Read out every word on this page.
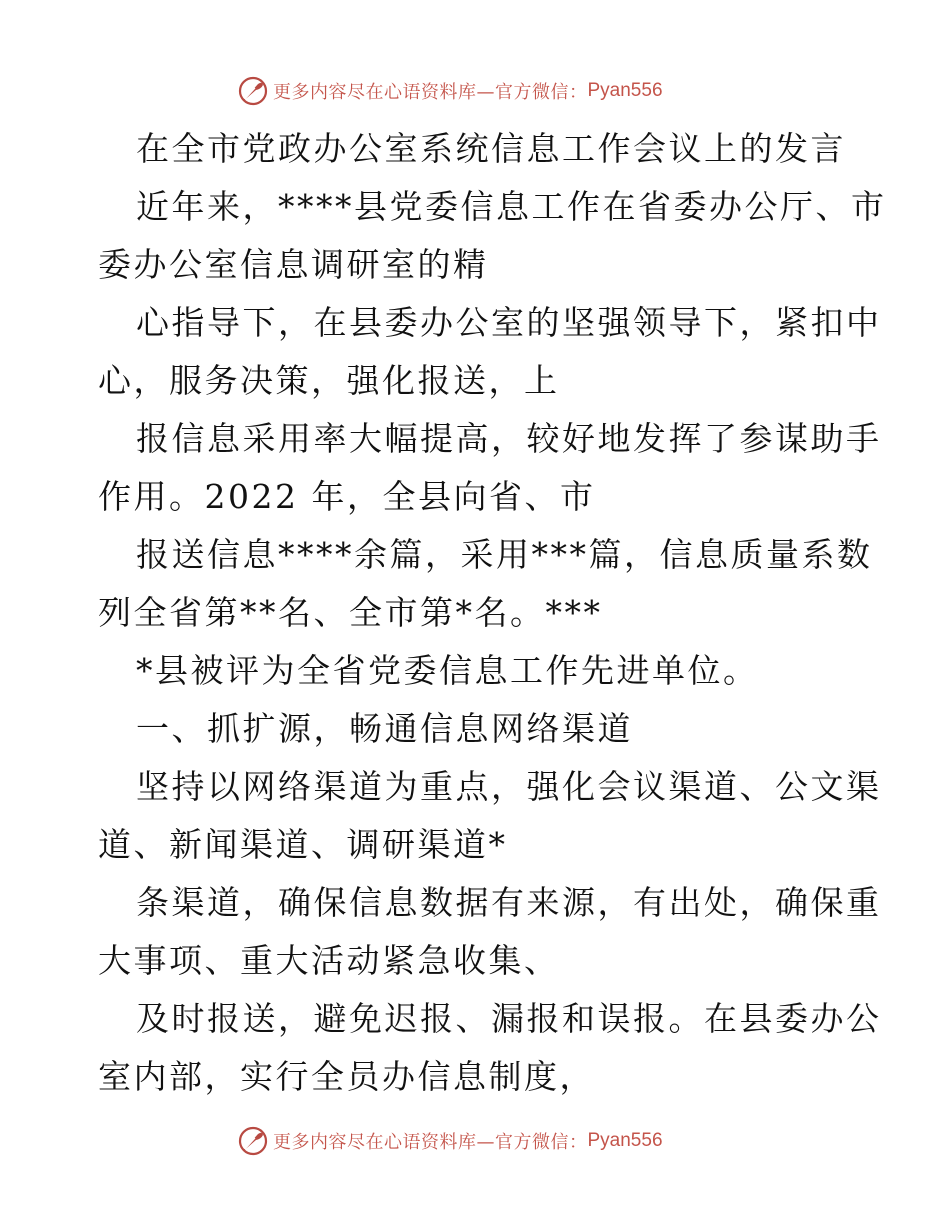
更多内容尽在心语资料库—官方微信： Pyan556
在全市党政办公室系统信息工作会议上的发言
近年来，****县党委信息工作在省委办公厅、市
委办公室信息调研室的精
心指导下，在县委办公室的坚强领导下，紧扣中
心，服务决策，强化报送，上
报信息采用率大幅提高，较好地发挥了参谋助手
作用。2022 年，全县向省、市
报送信息****余篇，采用***篇，信息质量系数
列全省第**名、全市第*名。***
*县被评为全省党委信息工作先进单位。
一、抓扩源，畅通信息网络渠道
坚持以网络渠道为重点，强化会议渠道、公文渠
道、新闻渠道、调研渠道*
条渠道，确保信息数据有来源，有出处，确保重
大事项、重大活动紧急收集、
及时报送，避免迟报、漏报和误报。在县委办公
室内部，实行全员办信息制度，
更多内容尽在心语资料库—官方微信： Pyan556
